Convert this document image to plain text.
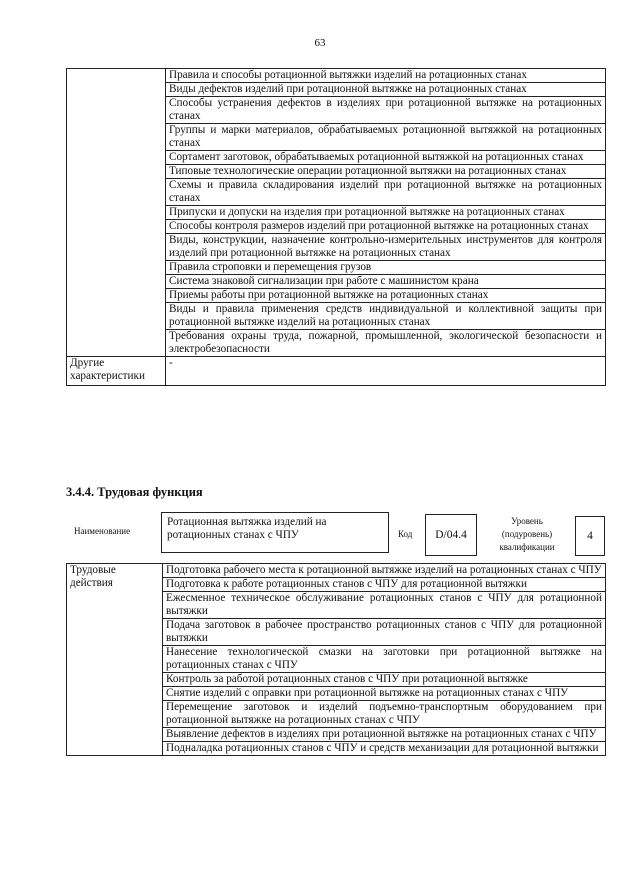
63
	Правила и способы ротационной вытяжки изделий на ротационных станах
	Виды дефектов изделий при ротационной вытяжке на ротационных станах
	Способы устранения дефектов в изделиях при ротационной вытяжке на ротационных станах
	Группы и марки материалов, обрабатываемых ротационной вытяжкой на ротационных станах
	Сортамент заготовок, обрабатываемых ротационной вытяжкой на ротационных станах
	Типовые технологические операции ротационной вытяжки на ротационных станах
	Схемы и правила складирования изделий при ротационной вытяжке на ротационных станах
	Припуски и допуски на изделия при ротационной вытяжке на ротационных станах
	Способы контроля размеров изделий при ротационной вытяжке на ротационных станах
	Виды, конструкции, назначение контрольно-измерительных инструментов для контроля изделий при ротационной вытяжке на ротационных станах
	Правила строповки и перемещения грузов
	Система знаковой сигнализации при работе с машинистом крана
	Приемы работы при ротационной вытяжке на ротационных станах
	Виды и правила применения средств индивидуальной и коллективной защиты при ротационной вытяжке изделий на ротационных станах
	Требования охраны труда, пожарной, промышленной, экологической безопасности и электробезопасности
Другие характеристики	-
3.4.4. Трудовая функция
Наименование
Ротационная вытяжка изделий на ротационных станах с ЧПУ	Код	D/04.4
Уровень (подуровень) квалификации
4
Трудовые действия	Подготовка рабочего места к ротационной вытяжке изделий на ротационных станах с ЧПУ
Подготовка к работе ротационных станов с ЧПУ для ротационной вытяжки
Ежесменное техническое обслуживание ротационных станов с ЧПУ для ротационной вытяжки
Подача заготовок в рабочее пространство ротационных станов с ЧПУ для ротационной вытяжки
Нанесение технологической смазки на заготовки при ротационной вытяжке на ротационных станах с ЧПУ
Контроль за работой ротационных станов с ЧПУ при ротационной вытяжке
Снятие изделий с оправки при ротационной вытяжке на ротационных станах с ЧПУ
Перемещение заготовок и изделий подъемно-транспортным оборудованием при ротационной вытяжке на ротационных станах с ЧПУ
Выявление дефектов в изделиях при ротационной вытяжке на ротационных станах с ЧПУ
Подналадка ротационных станов с ЧПУ и средств механизации для ротационной вытяжки
